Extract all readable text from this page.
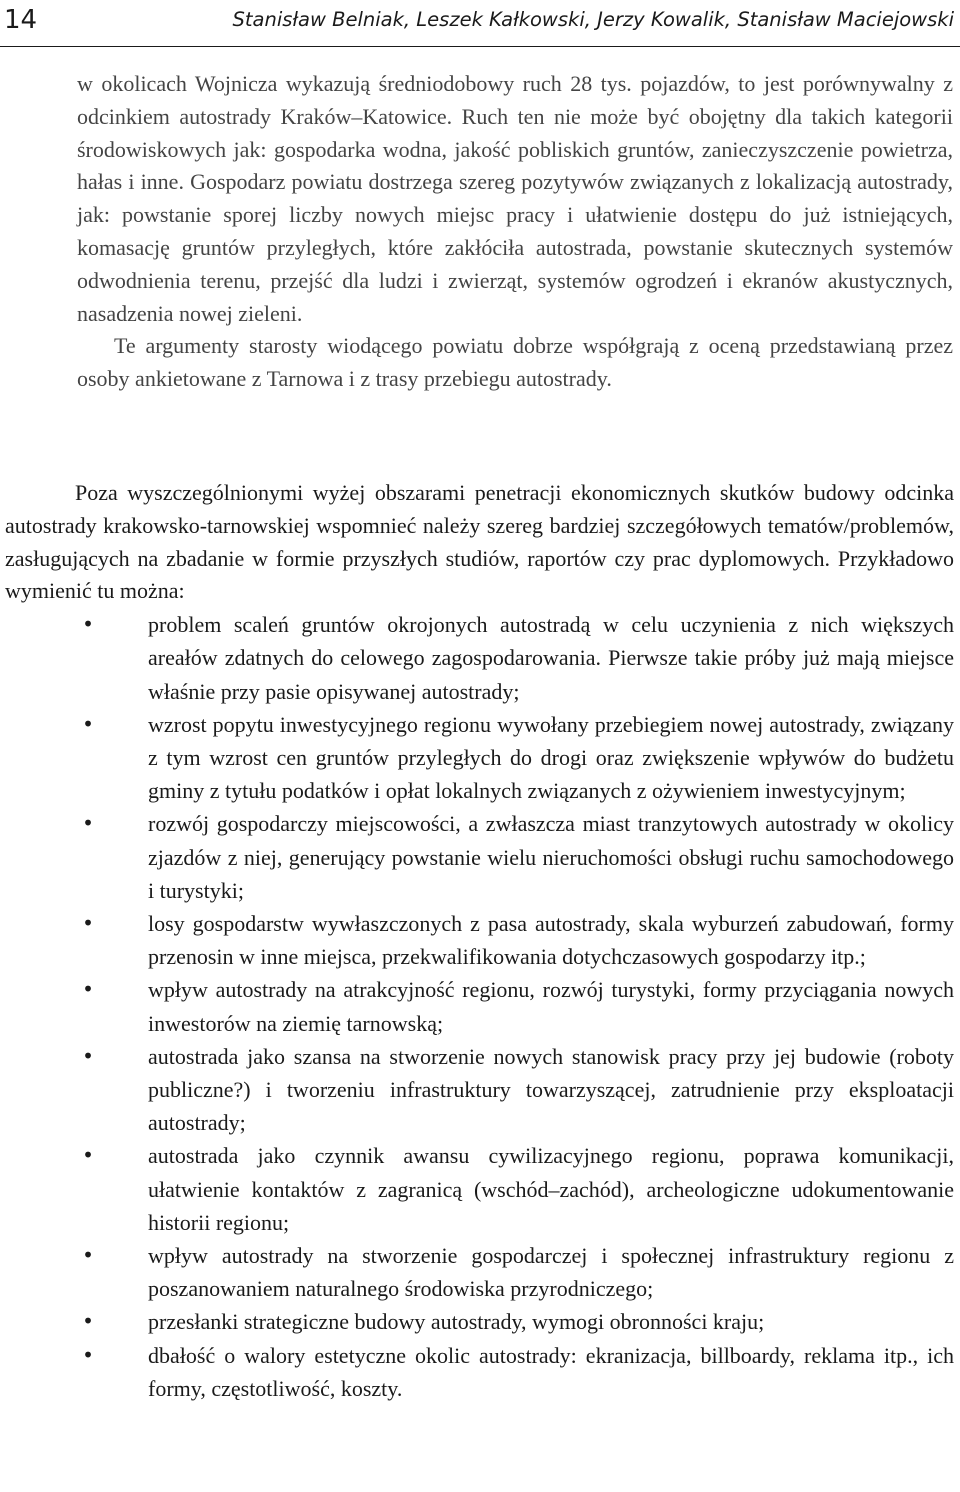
14	Stanisław Belniak, Leszek Kałkowski, Jerzy Kowalik, Stanisław Maciejowski

w okolicach Wojnicza wykazują średniodobowy ruch 28 tys. pojazdów, to jest porównywalny z odcinkiem autostrady Kraków–Katowice. Ruch ten nie może być obojętny dla takich kategorii środowiskowych jak: gospodarka wodna, jakość pobliskich gruntów, zanieczyszczenie powietrza, hałas i inne. Gospodarz powiatu dostrzega szereg pozytywów związanych z lokalizacją autostrady, jak: powstanie sporej liczby nowych miejsc pracy i ułatwienie dostępu do już istniejących, komasację gruntów przyległych, które zakłóciła autostrada, powstanie skutecznych systemów odwodnienia terenu, przejść dla ludzi i zwierząt, systemów ogrodzeń i ekranów akustycznych, nasadzenia nowej zieleni.

Te argumenty starosty wiodącego powiatu dobrze współgrają z oceną przedstawianą przez osoby ankietowane z Tarnowa i z trasy przebiegu autostrady.

Poza wyszczególnionymi wyżej obszarami penetracji ekonomicznych skutków budowy odcinka autostrady krakowsko-tarnowskiej wspomnieć należy szereg bardziej szczegółowych tematów/problemów, zasługujących na zbadanie w formie przyszłych studiów, raportów czy prac dyplomowych. Przykładowo wymienić tu można:

• problem scaleń gruntów okrojonych autostradą w celu uczynienia z nich większych areałów zdatnych do celowego zagospodarowania. Pierwsze takie próby już mają miejsce właśnie przy pasie opisywanej autostrady;
• wzrost popytu inwestycyjnego regionu wywołany przebiegiem nowej autostrady, związany z tym wzrost cen gruntów przyległych do drogi oraz zwiększenie wpływów do budżetu gminy z tytułu podatków i opłat lokalnych związanych z ożywieniem inwestycyjnym;
• rozwój gospodarczy miejscowości, a zwłaszcza miast tranzytowych autostrady w okolicy zjazdów z niej, generujący powstanie wielu nieruchomości obsługi ruchu samochodowego i turystyki;
• losy gospodarstw wywłaszczonych z pasa autostrady, skala wyburzeń zabudowań, formy przenosin w inne miejsca, przekwalifikowania dotychczasowych gospodarzy itp.;
• wpływ autostrady na atrakcyjność regionu, rozwój turystyki, formy przyciągania nowych inwestorów na ziemię tarnowską;
• autostrada jako szansa na stworzenie nowych stanowisk pracy przy jej budowie (roboty publiczne?) i tworzeniu infrastruktury towarzyszącej, zatrudnienie przy eksploatacji autostrady;
• autostrada jako czynnik awansu cywilizacyjnego regionu, poprawa komunikacji, ułatwienie kontaktów z zagranicą (wschód–zachód), archeologiczne udokumentowanie historii regionu;
• wpływ autostrady na stworzenie gospodarczej i społecznej infrastruktury regionu z poszanowaniem naturalnego środowiska przyrodniczego;
• przesłanki strategiczne budowy autostrady, wymogi obronności kraju;
• dbałość o walory estetyczne okolic autostrady: ekranizacja, billboardy, reklama itp., ich formy, częstotliwość, koszty.
